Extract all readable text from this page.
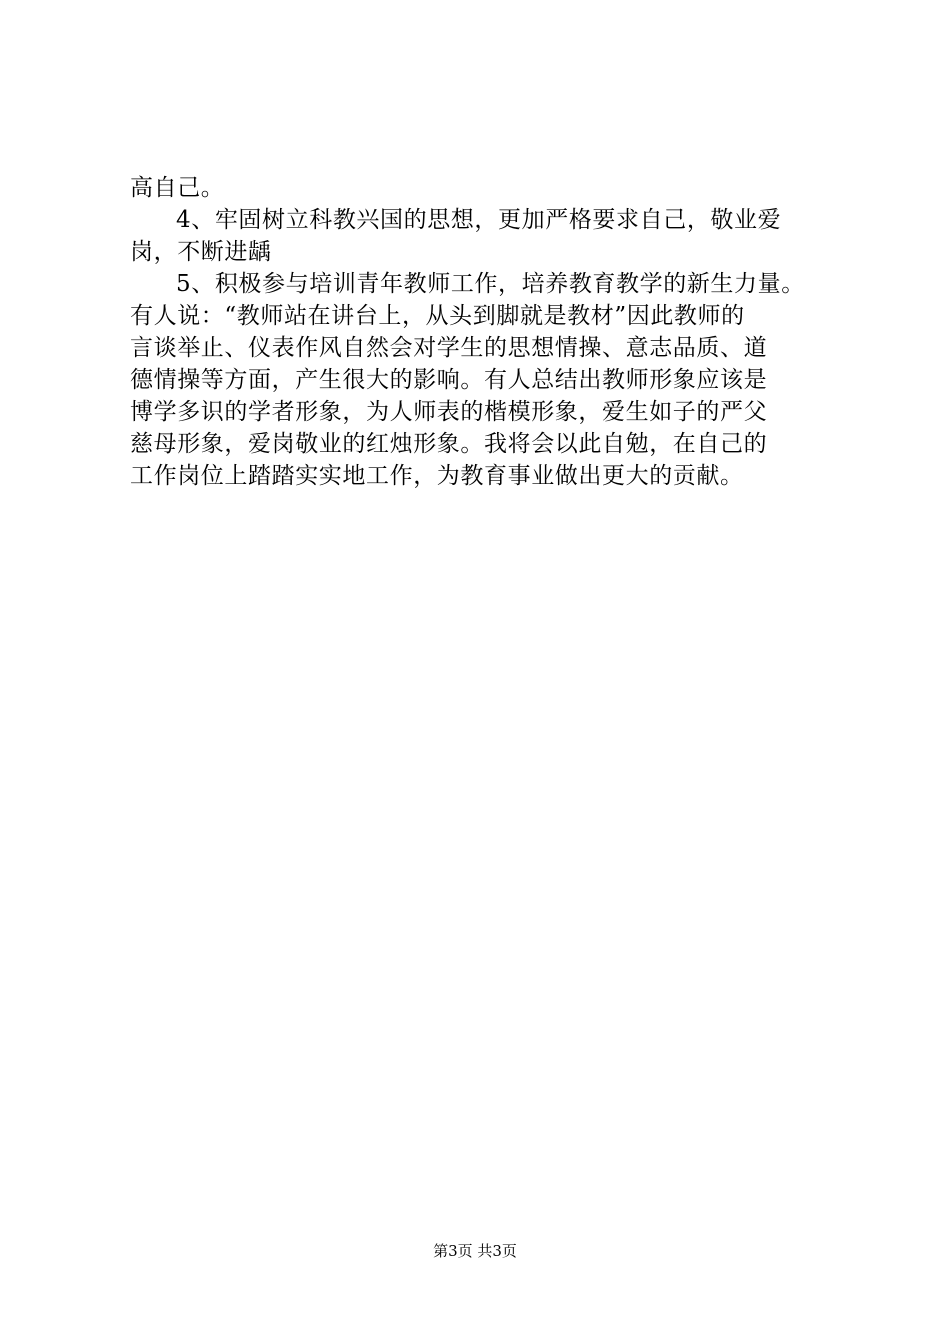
高自己。
4、牢固树立科教兴国的思想，更加严格要求自己，敬业爱
岗，不断进龋
5、积极参与培训青年教师工作，培养教育教学的新生力量。
有人说：“教师站在讲台上，从头到脚就是教材”因此教师的
言谈举止、仪表作风自然会对学生的思想情操、意志品质、道
德情操等方面，产生很大的影响。有人总结出教师形象应该是
博学多识的学者形象，为人师表的楷模形象，爱生如子的严父
慈母形象，爱岗敬业的红烛形象。我将会以此自勉，在自己的
工作岗位上踏踏实实地工作，为教育事业做出更大的贡献。
第3页 共3页
